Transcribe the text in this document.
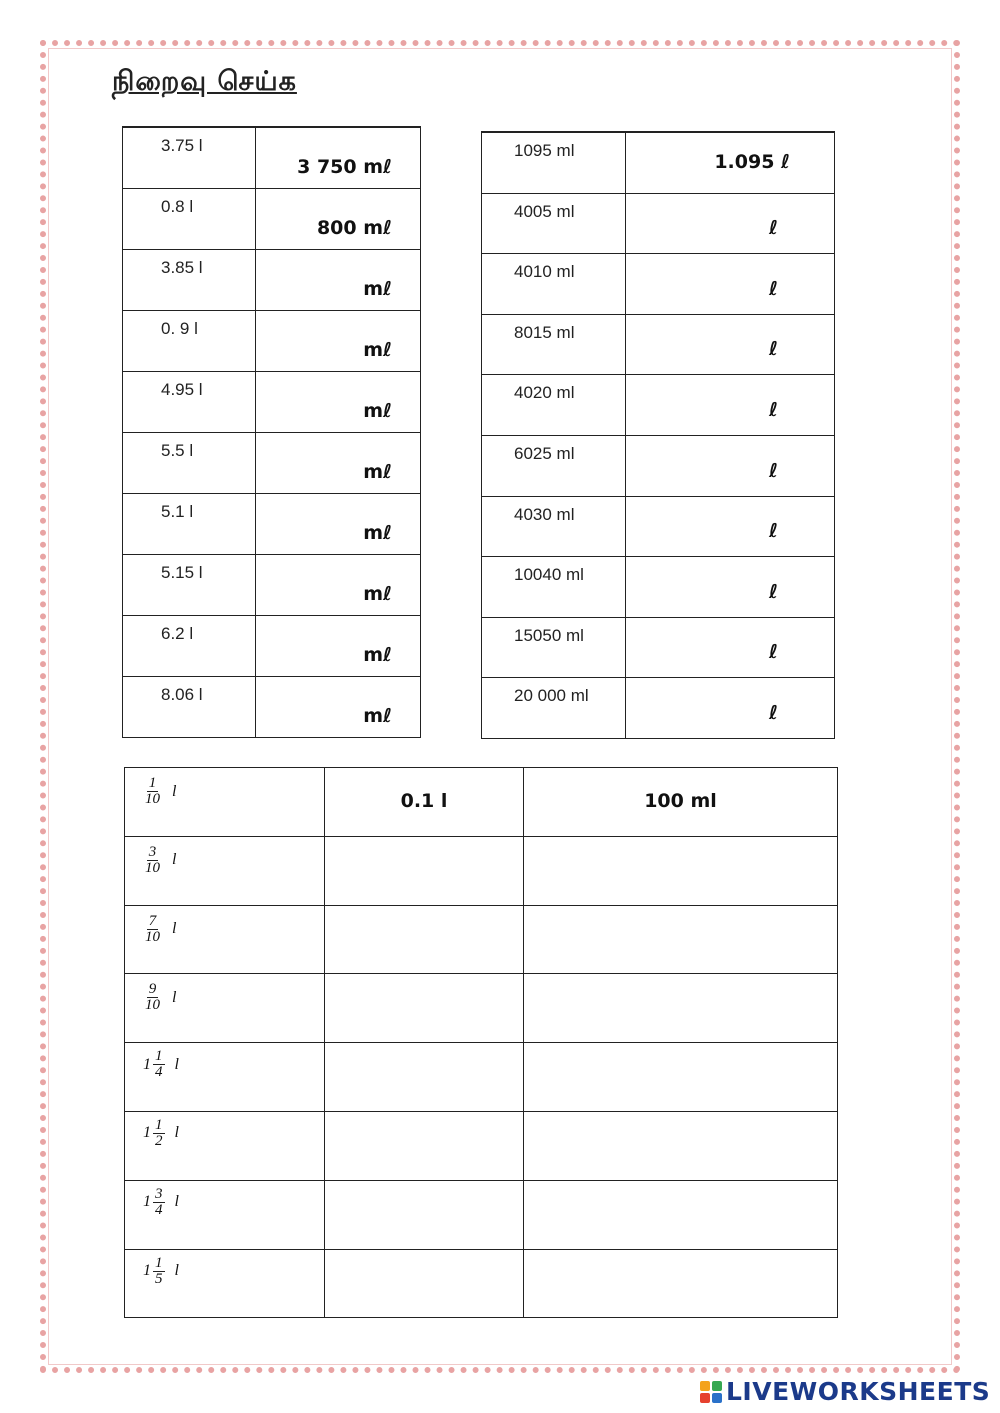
நிறைவு செய்க
3.75 l	3 750 mℓ

0.8 l	800 mℓ

3.85 l	mℓ

0. 9 l	mℓ

4.95 l	mℓ

5.5 l	mℓ

5.1 l	mℓ

5.15 l	mℓ

6.2 l	mℓ

8.06 l	mℓ
1095 ml	1.095 ℓ

4005 ml	ℓ

4010 ml	ℓ

8015 ml	ℓ

4020 ml	ℓ

6025 ml	ℓ

4030 ml	ℓ

10040 ml	ℓ

15050 ml	ℓ

20 000 ml	ℓ
$\frac{1}{10}$ l	0.1 l	100 ml

$\frac{3}{10}$ l		

$\frac{7}{10}$ l		

$\frac{9}{10}$ l		

$1 \frac{1}{4}$ l		

$1 \frac{1}{2}$ l		

$1 \frac{3}{4}$ l		

$1 \frac{1}{5}$ l		

LIVEWORKSHEETS
